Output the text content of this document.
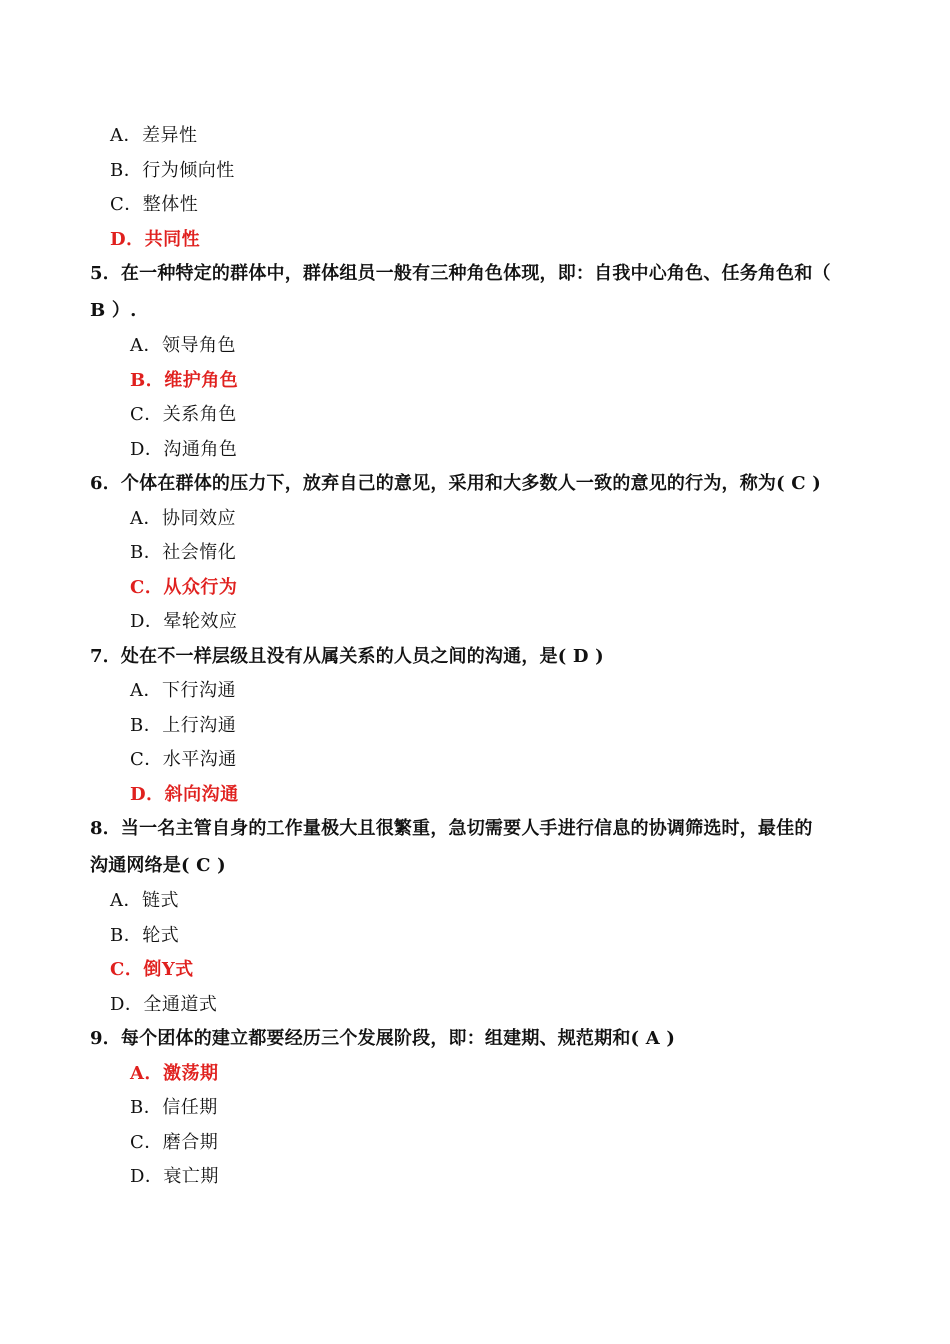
A．差异性
B．行为倾向性
C．整体性
D．共同性
5．在一种特定的群体中，群体组员一般有三种角色体现，即：自我中心角色、任务角色和（
B ）.
A．领导角色
B．维护角色
C．关系角色
D．沟通角色
6．个体在群体的压力下，放弃自己的意见，采用和大多数人一致的意见的行为，称为( C )
A．协同效应
B．社会惰化
C．从众行为
D．晕轮效应
7．处在不一样层级且没有从属关系的人员之间的沟通，是( D )
A．下行沟通
B．上行沟通
C．水平沟通
D．斜向沟通
8．当一名主管自身的工作量极大且很繁重，急切需要人手进行信息的协调筛选时，最佳的
沟通网络是( C )
A．链式
B．轮式
C．倒Y式
D．全通道式
9．每个团体的建立都要经历三个发展阶段，即：组建期、规范期和( A )
A．激荡期
B．信任期
C．磨合期
D．衰亡期
